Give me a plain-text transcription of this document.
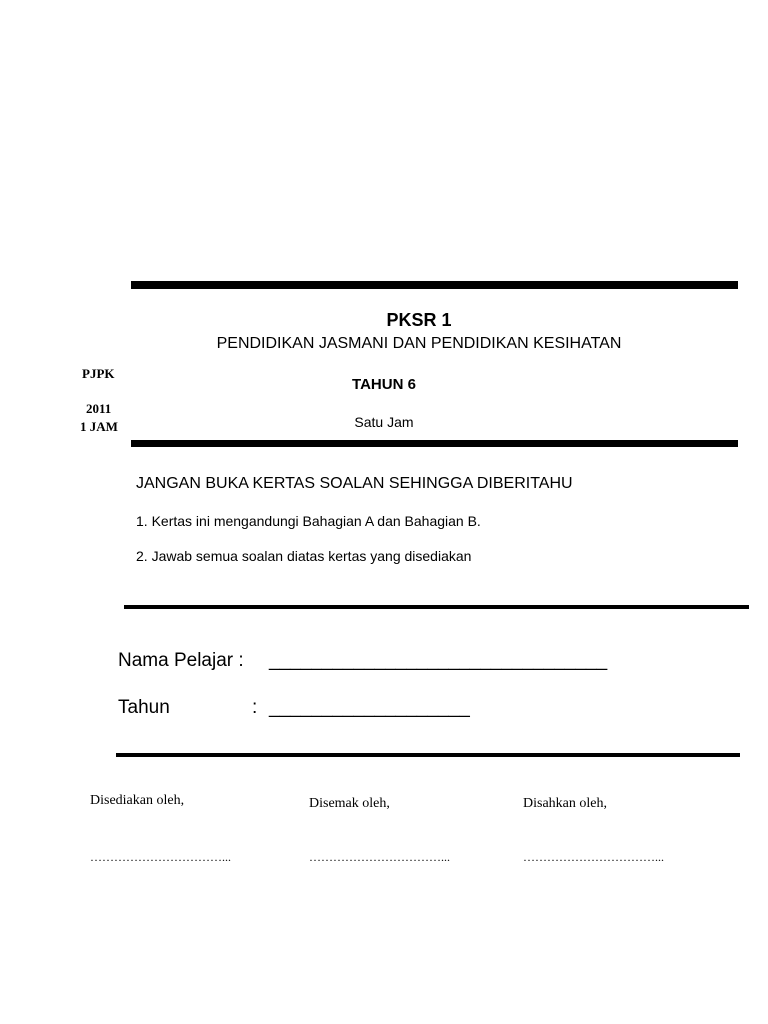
PKSR 1
PENDIDIKAN JASMANI DAN PENDIDIKAN KESIHATAN
TAHUN 6
Satu Jam
PJPK
2011
1 JAM
JANGAN BUKA KERTAS SOALAN SEHINGGA DIBERITAHU
1. Kertas ini mengandungi Bahagian A dan Bahagian B.
2. Jawab semua soalan diatas kertas yang disediakan
Nama Pelajar : ________________________________
Tahun	: ___________________
Disediakan oleh,	Disemak oleh,	Disahkan oleh,
……………………………...	……………………………...	……………………………...
